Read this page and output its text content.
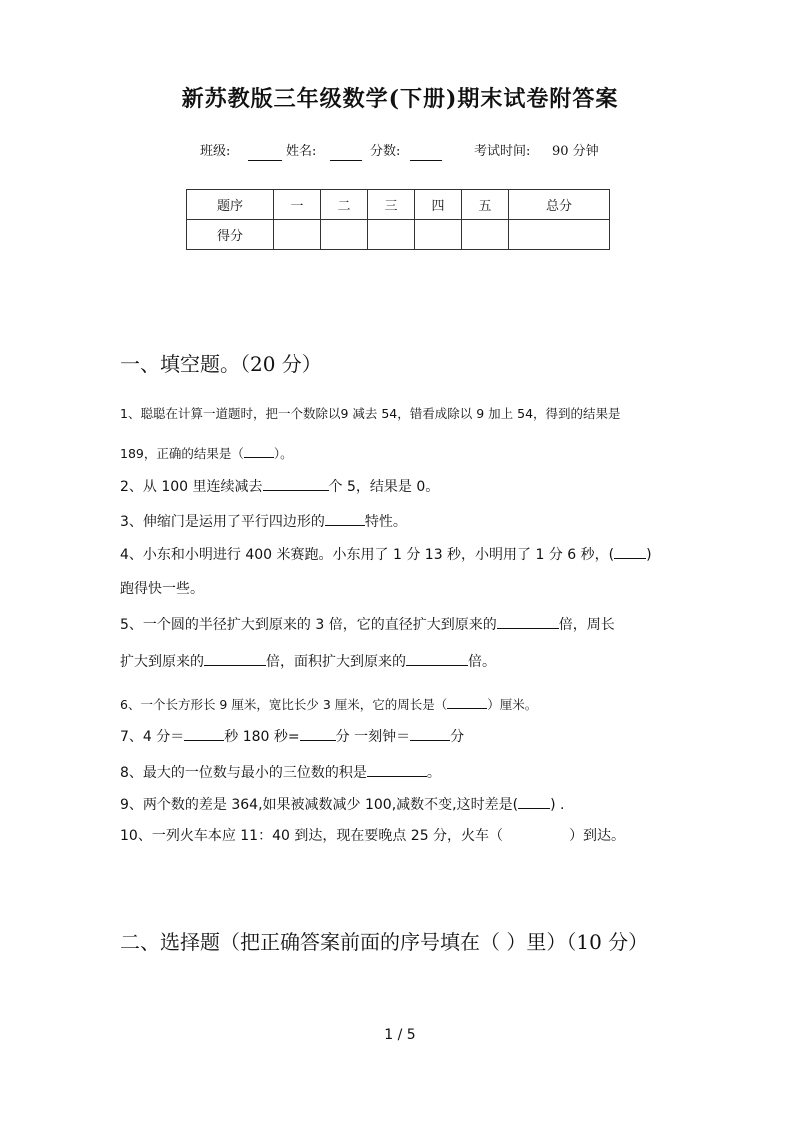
新苏教版三年级数学(下册)期末试卷附答案
班级:	姓名:	分数:	考试时间: 90 分钟
题序	一	二	三	四	五	总分
得分						
一、填空题。（20 分）
1、聪聪在计算一道题时，把一个数除以9 减去 54，错看成除以 9 加上 54，得到的结果是
189，正确的结果是（ ）。
2、从 100 里连续减去	个 5，结果是 0。
3、伸缩门是运用了平行四边形的	特性。
4、小东和小明进行 400 米赛跑。小东用了 1 分 13 秒，小明用了 1 分 6 秒，( )
跑得快一些。
5、一个圆的半径扩大到原来的 3 倍，它的直径扩大到原来的	倍，周长
扩大到原来的	倍，面积扩大到原来的	倍。
6、一个长方形长 9 厘米，宽比长少 3 厘米，它的周长是（	）厘米。
7、4 分＝	秒 180 秒=	分 一刻钟＝	分
8、最大的一位数与最小的三位数的积是	。
9、两个数的差是 364,如果被减数减少 100,减数不变,这时差是( ) .
10、一列火车本应 11：40 到达，现在要晚点 25 分，火车（	）到达。
二、选择题（把正确答案前面的序号填在（ ）里）（10 分）
1 / 5
